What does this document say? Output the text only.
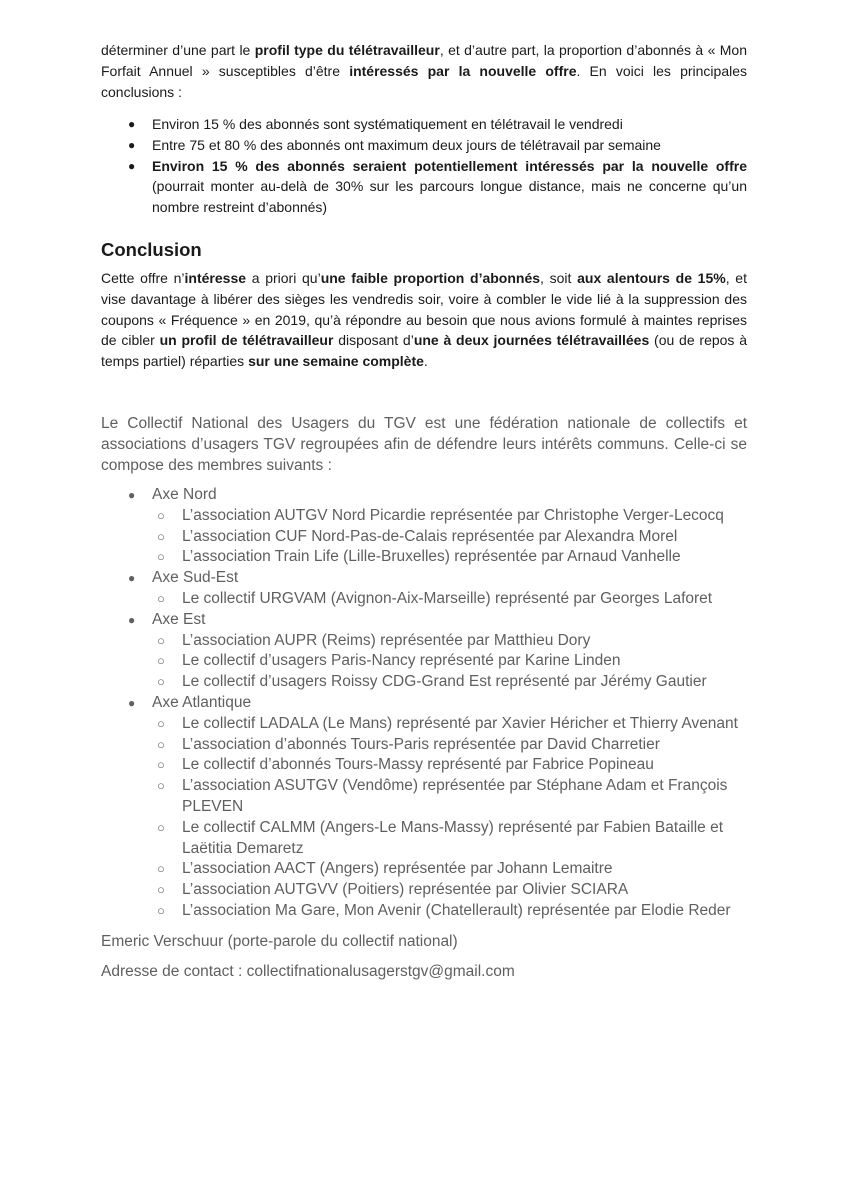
déterminer d’une part le profil type du télétravailleur, et d’autre part, la proportion d’abonnés à « Mon Forfait Annuel » susceptibles d’être intéressés par la nouvelle offre. En voici les principales conclusions :

● Environ 15 % des abonnés sont systématiquement en télétravail le vendredi
● Entre 75 et 80 % des abonnés ont maximum deux jours de télétravail par semaine
● Environ 15 % des abonnés seraient potentiellement intéressés par la nouvelle offre (pourrait monter au-delà de 30% sur les parcours longue distance, mais ne concerne qu’un nombre restreint d’abonnés)
Conclusion

Cette offre n’intéresse a priori qu’une faible proportion d’abonnés, soit aux alentours de 15%, et vise davantage à libérer des sièges les vendredis soir, voire à combler le vide lié à la suppression des coupons « Fréquence » en 2019, qu’à répondre au besoin que nous avions formulé à maintes reprises de cibler un profil de télétravailleur disposant d’une à deux journées télétravaillées (ou de repos à temps partiel) réparties sur une semaine complète.

Le Collectif National des Usagers du TGV est une fédération nationale de collectifs et associations d’usagers TGV regroupées afin de défendre leurs intérêts communs. Celle-ci se compose des membres suivants :

● Axe Nord
○ L’association AUTGV Nord Picardie représentée par Christophe Verger-Lecocq
○ L’association CUF Nord-Pas-de-Calais représentée par Alexandra Morel
○ L’association Train Life (Lille-Bruxelles) représentée par Arnaud Vanhelle
● Axe Sud-Est
○ Le collectif URGVAM (Avignon-Aix-Marseille) représenté par Georges Laforet
● Axe Est
○ L’association AUPR (Reims) représentée par Matthieu Dory
○ Le collectif d’usagers Paris-Nancy représenté par Karine Linden
○ Le collectif d’usagers Roissy CDG-Grand Est représenté par Jérémy Gautier
● Axe Atlantique
○ Le collectif LADALA (Le Mans) représenté par Xavier Héricher et Thierry Avenant
○ L’association d’abonnés Tours-Paris représentée par David Charretier
○ Le collectif d’abonnés Tours-Massy représenté par Fabrice Popineau
○ L’association ASUTGV (Vendôme) représentée par Stéphane Adam et François PLEVEN
○ Le collectif CALMM (Angers-Le Mans-Massy) représenté par Fabien Bataille et Laëtitia Demaretz
○ L’association AACT (Angers) représentée par Johann Lemaitre
○ L’association AUTGVV (Poitiers) représentée par Olivier SCIARA
○ L’association Ma Gare, Mon Avenir (Chatellerault) représentée par Elodie Reder
Emeric Verschuur (porte-parole du collectif national)
Adresse de contact : collectifnationalusagerstgv@gmail.com
